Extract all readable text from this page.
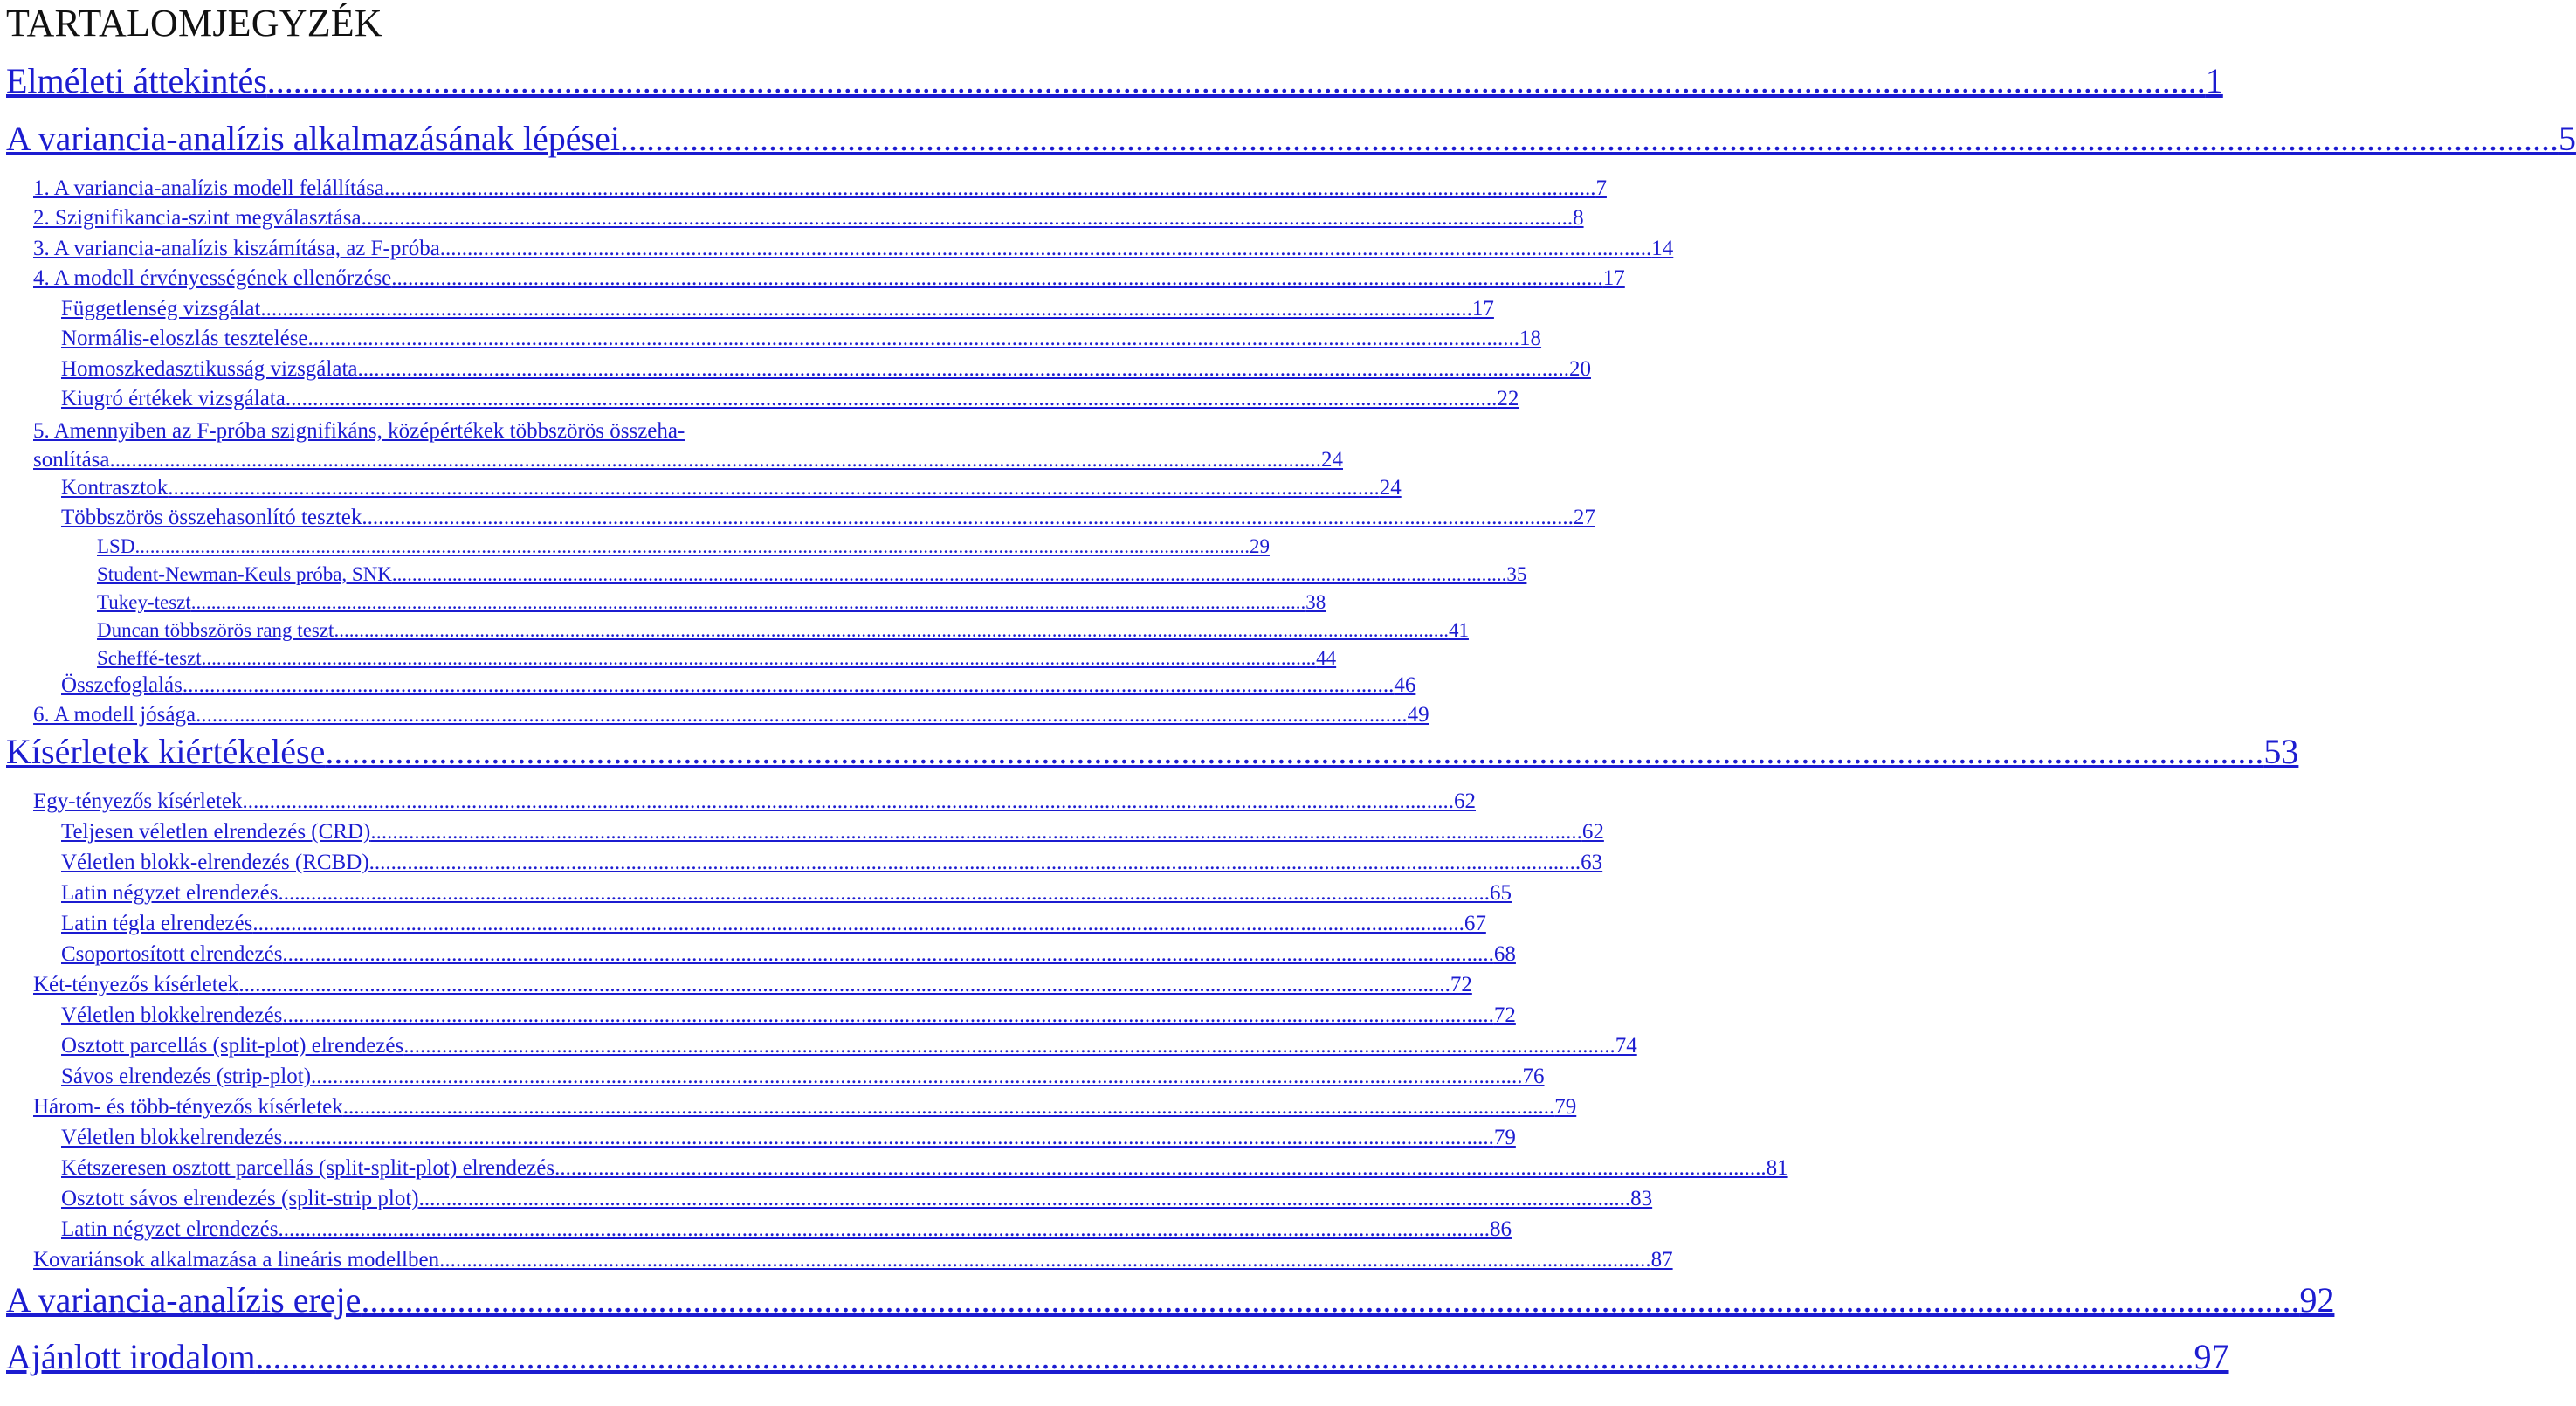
TARTALOMJEGYZÉK
Elméleti áttekintés .............................................................................................................................................................................................................................. 1
A variancia-analízis alkalmazásának lépései .............................................................................................................................................................................................................................. 5
1. A variancia-analízis modell felállítása .............................................................................................................................................................................................................................. 7
2. Szignifikancia-szint megválasztása .............................................................................................................................................................................................................................. 8
3. A variancia-analízis kiszámítása, az F-próba .............................................................................................................................................................................................................................. 14
4. A modell érvényességének ellenőrzése .............................................................................................................................................................................................................................. 17
Függetlenség vizsgálat .............................................................................................................................................................................................................................. 17
Normális-eloszlás tesztelése .............................................................................................................................................................................................................................. 18
Homoszkedasztikusság vizsgálata .............................................................................................................................................................................................................................. 20
Kiugró értékek vizsgálata .............................................................................................................................................................................................................................. 22
5. Amennyiben az F-próba szignifikáns, középértékek többszörös összeha-
sonlítása .............................................................................................................................................................................................................................. 24
Kontrasztok .............................................................................................................................................................................................................................. 24
Többszörös összehasonlító tesztek .............................................................................................................................................................................................................................. 27
LSD .............................................................................................................................................................................................................................. 29
Student-Newman-Keuls próba, SNK .............................................................................................................................................................................................................................. 35
Tukey-teszt .............................................................................................................................................................................................................................. 38
Duncan többszörös rang teszt .............................................................................................................................................................................................................................. 41
Scheffé-teszt .............................................................................................................................................................................................................................. 44
Összefoglalás .............................................................................................................................................................................................................................. 46
6. A modell jósága .............................................................................................................................................................................................................................. 49
Kísérletek kiértékelése .............................................................................................................................................................................................................................. 53
Egy-tényezős kísérletek .............................................................................................................................................................................................................................. 62
Teljesen véletlen elrendezés (CRD) .............................................................................................................................................................................................................................. 62
Véletlen blokk-elrendezés (RCBD) .............................................................................................................................................................................................................................. 63
Latin négyzet elrendezés .............................................................................................................................................................................................................................. 65
Latin tégla elrendezés .............................................................................................................................................................................................................................. 67
Csoportosított elrendezés .............................................................................................................................................................................................................................. 68
Két-tényezős kísérletek .............................................................................................................................................................................................................................. 72
Véletlen blokkelrendezés .............................................................................................................................................................................................................................. 72
Osztott parcellás (split-plot) elrendezés .............................................................................................................................................................................................................................. 74
Sávos elrendezés (strip-plot) .............................................................................................................................................................................................................................. 76
Három- és több-tényezős kísérletek .............................................................................................................................................................................................................................. 79
Véletlen blokkelrendezés .............................................................................................................................................................................................................................. 79
Kétszeresen osztott parcellás (split-split-plot) elrendezés .............................................................................................................................................................................................................................. 81
Osztott sávos elrendezés (split-strip plot) .............................................................................................................................................................................................................................. 83
Latin négyzet elrendezés .............................................................................................................................................................................................................................. 86
Kovariánsok alkalmazása a lineáris modellben .............................................................................................................................................................................................................................. 87
A variancia-analízis ereje .............................................................................................................................................................................................................................. 92
Ajánlott irodalom .............................................................................................................................................................................................................................. 97
